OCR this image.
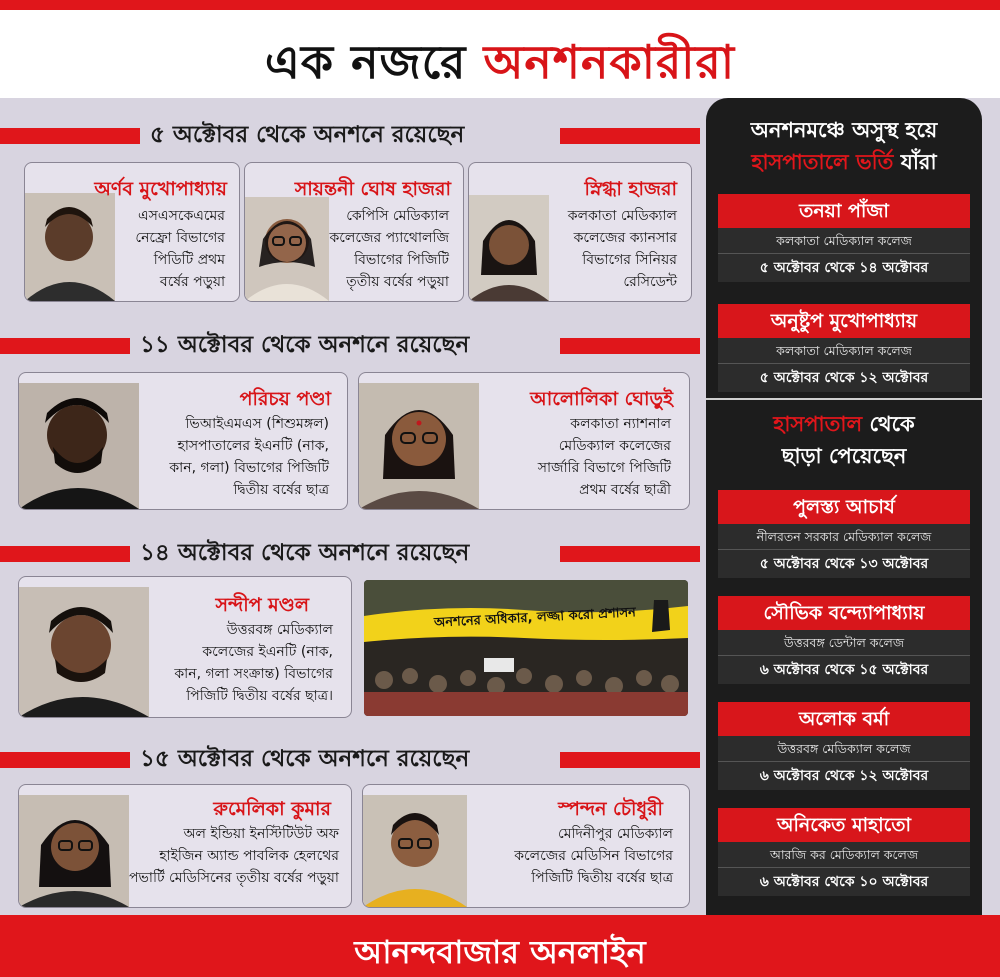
এক নজরে অনশনকারীরা
৫ অক্টোবর থেকে অনশনে রয়েছেন
অর্ণব মুখোপাধ্যায়
এসএসকেএমের
নেফ্রো বিভাগের
পিডিটি প্রথম
বর্ষের পড়ুয়া
সায়ন্তনী ঘোষ হাজরা
কেপিসি মেডিক্যাল
কলেজের প্যাথোলজি
বিভাগের পিজিটি
তৃতীয় বর্ষের পড়ুয়া
স্নিগ্ধা হাজরা
কলকাতা মেডিক্যাল
কলেজের ক্যানসার
বিভাগের সিনিয়র
রেসিডেন্ট
১১ অক্টোবর থেকে অনশনে রয়েছেন
পরিচয় পণ্ডা
ভিআইএমএস (শিশুমঙ্গল)
হাসপাতালের ইএনটি (নাক,
কান, গলা) বিভাগের পিজিটি
দ্বিতীয় বর্ষের ছাত্র
আলোলিকা ঘোড়ুই
কলকাতা ন্যাশনাল
মেডিক্যাল কলেজের
সার্জারি বিভাগে পিজিটি
প্রথম বর্ষের ছাত্রী
১৪ অক্টোবর থেকে অনশনে রয়েছেন
সন্দীপ মণ্ডল
উত্তরবঙ্গ মেডিক্যাল
কলেজের ইএনটি (নাক,
কান, গলা সংক্রান্ত) বিভাগের
পিজিটি দ্বিতীয় বর্ষের ছাত্র।
অনশনের অধিকার, লজ্জা করো প্রশাসন
১৫ অক্টোবর থেকে অনশনে রয়েছেন
রুমেলিকা কুমার
অল ইন্ডিয়া ইনস্টিটিউট অফ
হাইজিন অ্যান্ড পাবলিক হেলথের
পভার্টি মেডিসিনের তৃতীয় বর্ষের পড়ুয়া
স্পন্দন চৌধুরী
মেদিনীপুর মেডিক্যাল
কলেজের মেডিসিন বিভাগের
পিজিটি দ্বিতীয় বর্ষের ছাত্র
অনশনমঞ্চে অসুস্থ হয়ে
হাসপাতালে ভর্তি যাঁরা
তনয়া পাঁজা
কলকাতা মেডিক্যাল কলেজ
৫ অক্টোবর থেকে ১৪ অক্টোবর
অনুষ্টুপ মুখোপাধ্যায়
কলকাতা মেডিক্যাল কলেজ
৫ অক্টোবর থেকে ১২ অক্টোবর
হাসপাতাল থেকে
ছাড়া পেয়েছেন
পুলস্ত্য আচার্য
নীলরতন সরকার মেডিক্যাল কলেজ
৫ অক্টোবর থেকে ১৩ অক্টোবর
সৌভিক বন্দ্যোপাধ্যায়
উত্তরবঙ্গ ডেন্টাল কলেজ
৬ অক্টোবর থেকে ১৫ অক্টোবর
অলোক বর্মা
উত্তরবঙ্গ মেডিক্যাল কলেজ
৬ অক্টোবর থেকে ১২ অক্টোবর
অনিকেত মাহাতো
আরজি কর মেডিক্যাল কলেজ
৬ অক্টোবর থেকে ১০ অক্টোবর
আনন্দবাজার অনলাইন
